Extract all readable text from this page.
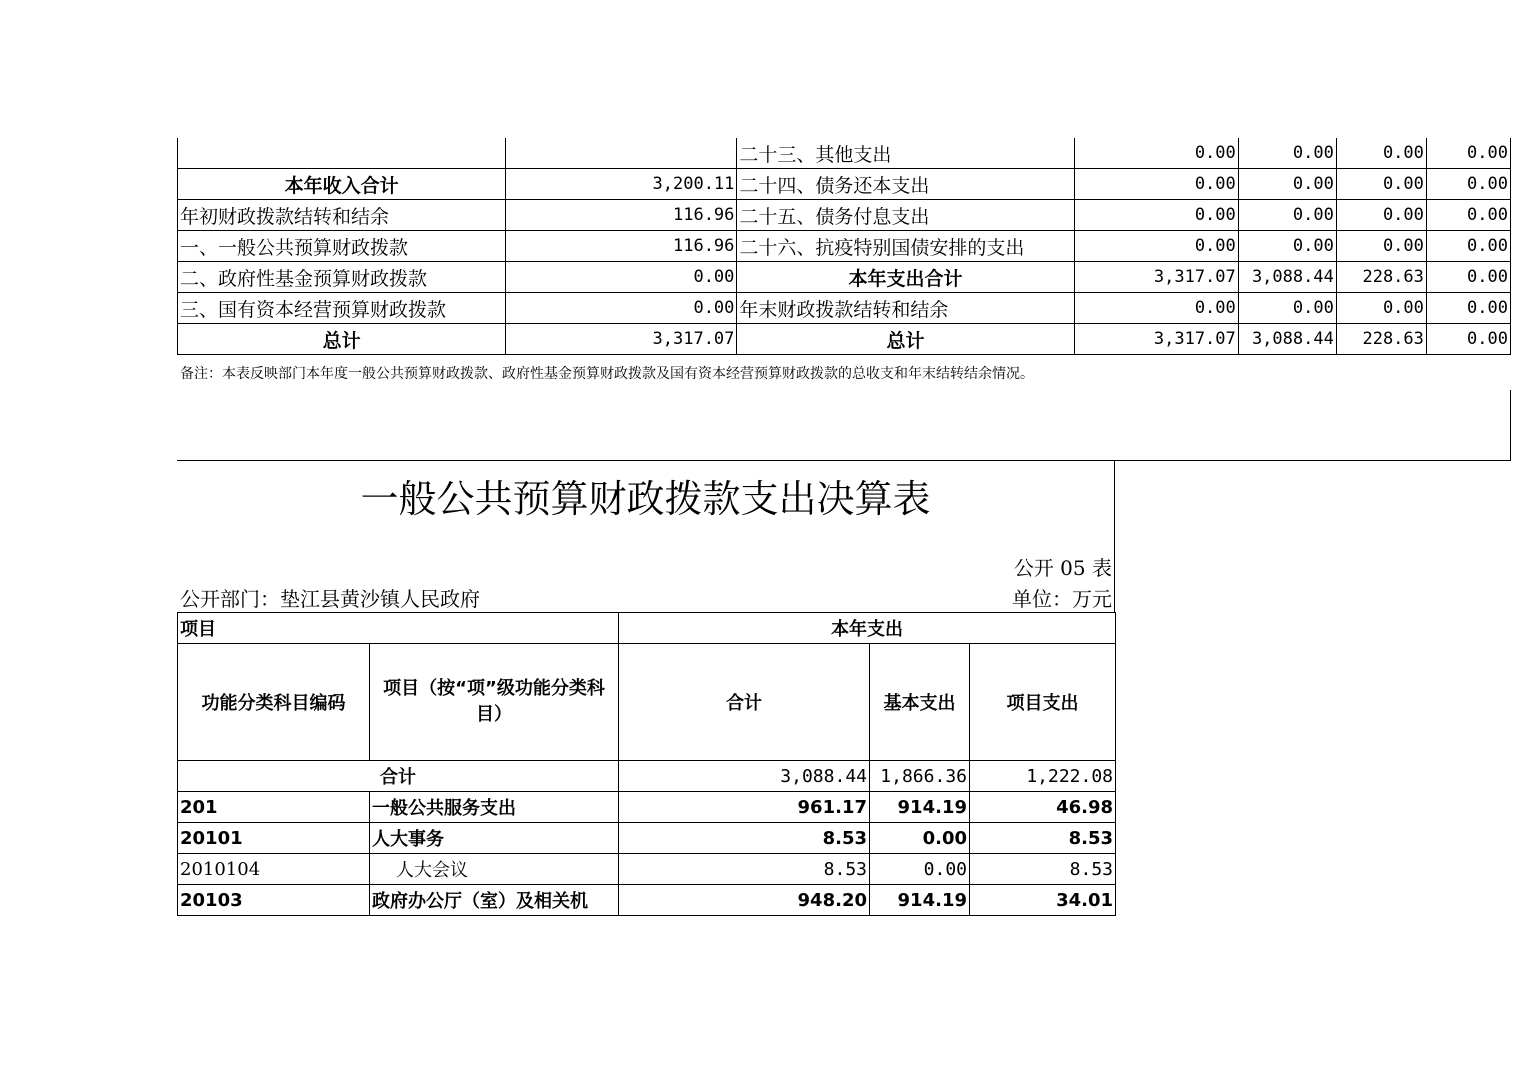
		二十三、其他支出	0.00	0.00	0.00	0.00
本年收入合计	3,200.11	二十四、债务还本支出	0.00	0.00	0.00	0.00
年初财政拨款结转和结余	116.96	二十五、债务付息支出	0.00	0.00	0.00	0.00
一、一般公共预算财政拨款	116.96	二十六、抗疫特别国债安排的支出	0.00	0.00	0.00	0.00
二、政府性基金预算财政拨款	0.00	本年支出合计	3,317.07	3,088.44	228.63	0.00
三、国有资本经营预算财政拨款	0.00	年末财政拨款结转和结余	0.00	0.00	0.00	0.00
总计	3,317.07	总计	3,317.07	3,088.44	228.63	0.00
备注：本表反映部门本年度一般公共预算财政拨款、政府性基金预算财政拨款及国有资本经营预算财政拨款的总收支和年末结转结余情况。
一般公共预算财政拨款支出决算表
公开 05 表
公开部门：垫江县黄沙镇人民政府	单位：万元
项目		本年支出		
功能分类科目编码	项目（按“项”级功能分类科目）	合计	基本支出	项目支出
合计		3,088.44	1,866.36	1,222.08
201	一般公共服务支出	961.17	914.19	46.98
20101	人大事务	8.53	0.00	8.53
2010104	人大会议	8.53	0.00	8.53
20103	政府办公厅（室）及相关机	948.20	914.19	34.01
